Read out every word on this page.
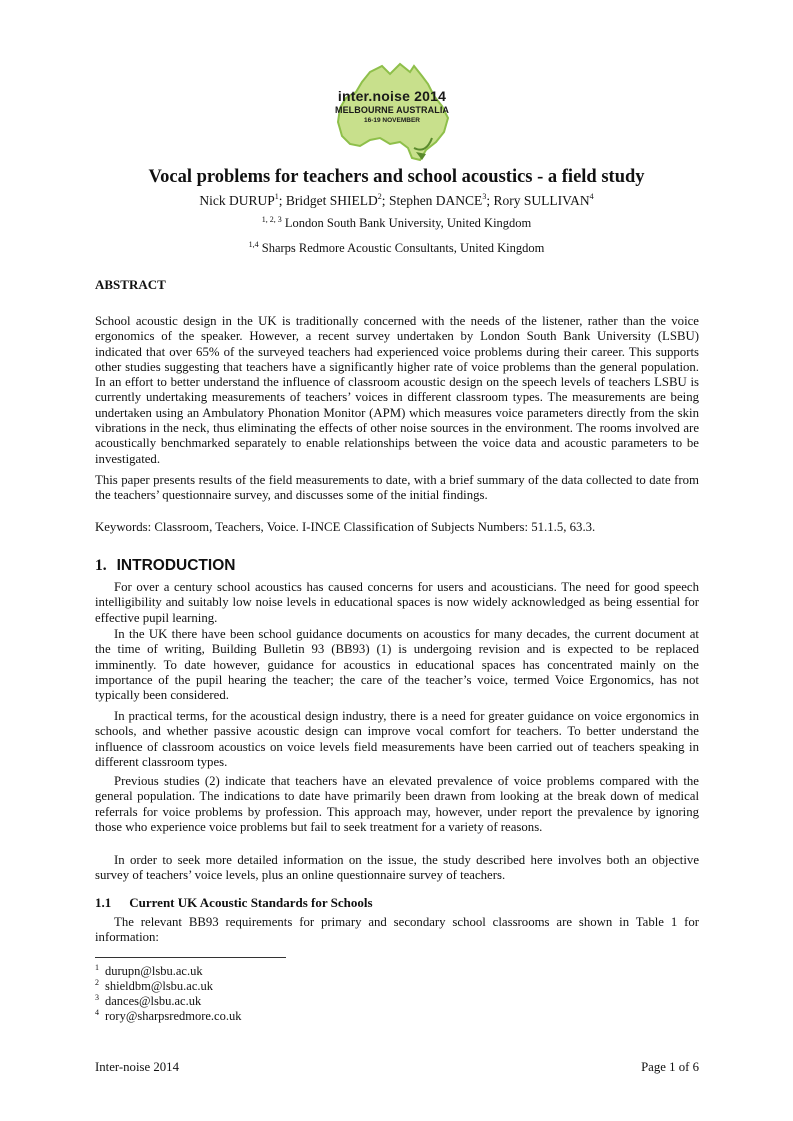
inter.noise 2014
MELBOURNE AUSTRALIA
16-19 NOVEMBER
Vocal problems for teachers and school acoustics - a field study
Nick DURUP$^1$; Bridget SHIELD$^2$; Stephen DANCE$^3$; Rory SULLIVAN$^4$
$^{1, 2, 3}$ London South Bank University, United Kingdom
$^{1,4}$ Sharps Redmore Acoustic Consultants, United Kingdom
ABSTRACT

School acoustic design in the UK is traditionally concerned with the needs of the listener, rather than the voice ergonomics of the speaker. However, a recent survey undertaken by London South Bank University (LSBU) indicated that over 65% of the surveyed teachers had experienced voice problems during their career. This supports other studies suggesting that teachers have a significantly higher rate of voice problems than the general population. In an effort to better understand the influence of classroom acoustic design on the speech levels of teachers LSBU is currently undertaking measurements of teachers’ voices in different classroom types. The measurements are being undertaken using an Ambulatory Phonation Monitor (APM) which measures voice parameters directly from the skin vibrations in the neck, thus eliminating the effects of other noise sources in the environment. The rooms involved are acoustically benchmarked separately to enable relationships between the voice data and acoustic parameters to be investigated.

This paper presents results of the field measurements to date, with a brief summary of the data collected to date from the teachers’ questionnaire survey, and discusses some of the initial findings.

Keywords: Classroom, Teachers, Voice. I-INCE Classification of Subjects Numbers: 51.1.5, 63.3.

1. INTRODUCTION

For over a century school acoustics has caused concerns for users and acousticians. The need for good speech intelligibility and suitably low noise levels in educational spaces is now widely acknowledged as being essential for effective pupil learning.

In the UK there have been school guidance documents on acoustics for many decades, the current document at the time of writing, Building Bulletin 93 (BB93) (1) is undergoing revision and is expected to be replaced imminently. To date however, guidance for acoustics in educational spaces has concentrated mainly on the importance of the pupil hearing the teacher; the care of the teacher’s voice, termed Voice Ergonomics, has not typically been considered.

In practical terms, for the acoustical design industry, there is a need for greater guidance on voice ergonomics in schools, and whether passive acoustic design can improve vocal comfort for teachers. To better understand the influence of classroom acoustics on voice levels field measurements have been carried out of teachers speaking in different classroom types.

Previous studies (2) indicate that teachers have an elevated prevalence of voice problems compared with the general population. The indications to date have primarily been drawn from looking at the break down of medical referrals for voice problems by profession. This approach may, however, under report the prevalence by ignoring those who experience voice problems but fail to seek treatment for a variety of reasons.

In order to seek more detailed information on the issue, the study described here involves both an objective survey of teachers’ voice levels, plus an online questionnaire survey of teachers.

1.1 Current UK Acoustic Standards for Schools

The relevant BB93 requirements for primary and secondary school classrooms are shown in Table 1 for information:

$^1$ durupn@lsbu.ac.uk
$^2$ shieldbm@lsbu.ac.uk
$^3$ dances@lsbu.ac.uk
$^4$ rory@sharpsredmore.co.uk
Inter-noise 2014	Page 1 of 6
